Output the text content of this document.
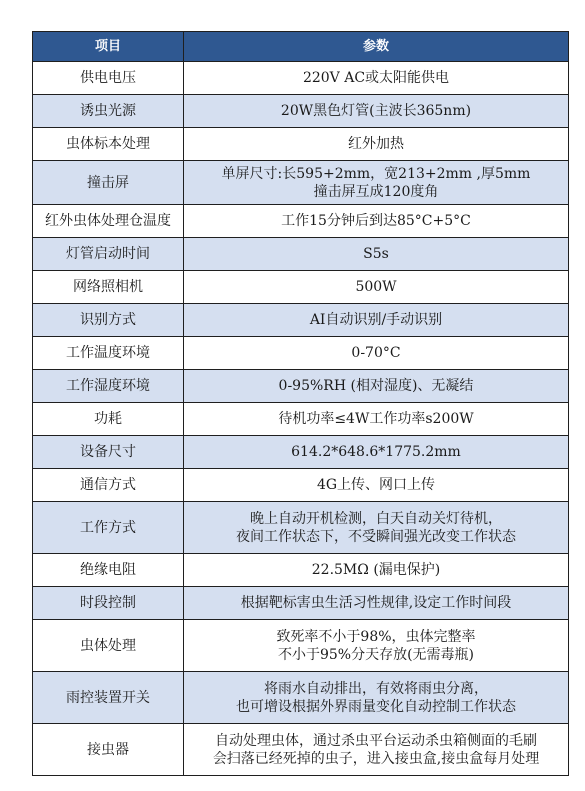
项目	参数
供电电压	220V AC或太阳能供电
诱虫光源	20W黑色灯管(主波长365nm)
虫体标本处理	红外加热
撞击屏	单屏尺寸:长595+2mm，宽213+2mm ,厚5mm
撞击屏互成120度角
红外虫体处理仓温度	工作15分钟后到达85°C+5°C
灯管启动时间	S5s
网络照相机	500W
识别方式	AI自动识别/手动识别
工作温度环境	0-70°C
工作湿度环境	0-95%RH (相对湿度)、无凝结
功耗	待机功率≤4W工作功率s200W
设备尺寸	614.2*648.6*1775.2mm
通信方式	4G上传、网口上传
工作方式	晚上自动开机检测，白天自动关灯待机，
夜间工作状态下，不受瞬间强光改变工作状态
绝缘电阻	22.5MΩ (漏电保护)
时段控制	根据靶标害虫生活习性规律,设定工作时间段
虫体处理	致死率不小于98%，虫体完整率
不小于95%分天存放(无需毒瓶)
雨控装置开关	将雨水自动排出，有效将雨虫分离，
也可增设根据外界雨量变化自动控制工作状态
接虫器	自动处理虫体，通过杀虫平台运动杀虫箱侧面的毛刷
会扫落已经死掉的虫子，进入接虫盒,接虫盒每月处理
